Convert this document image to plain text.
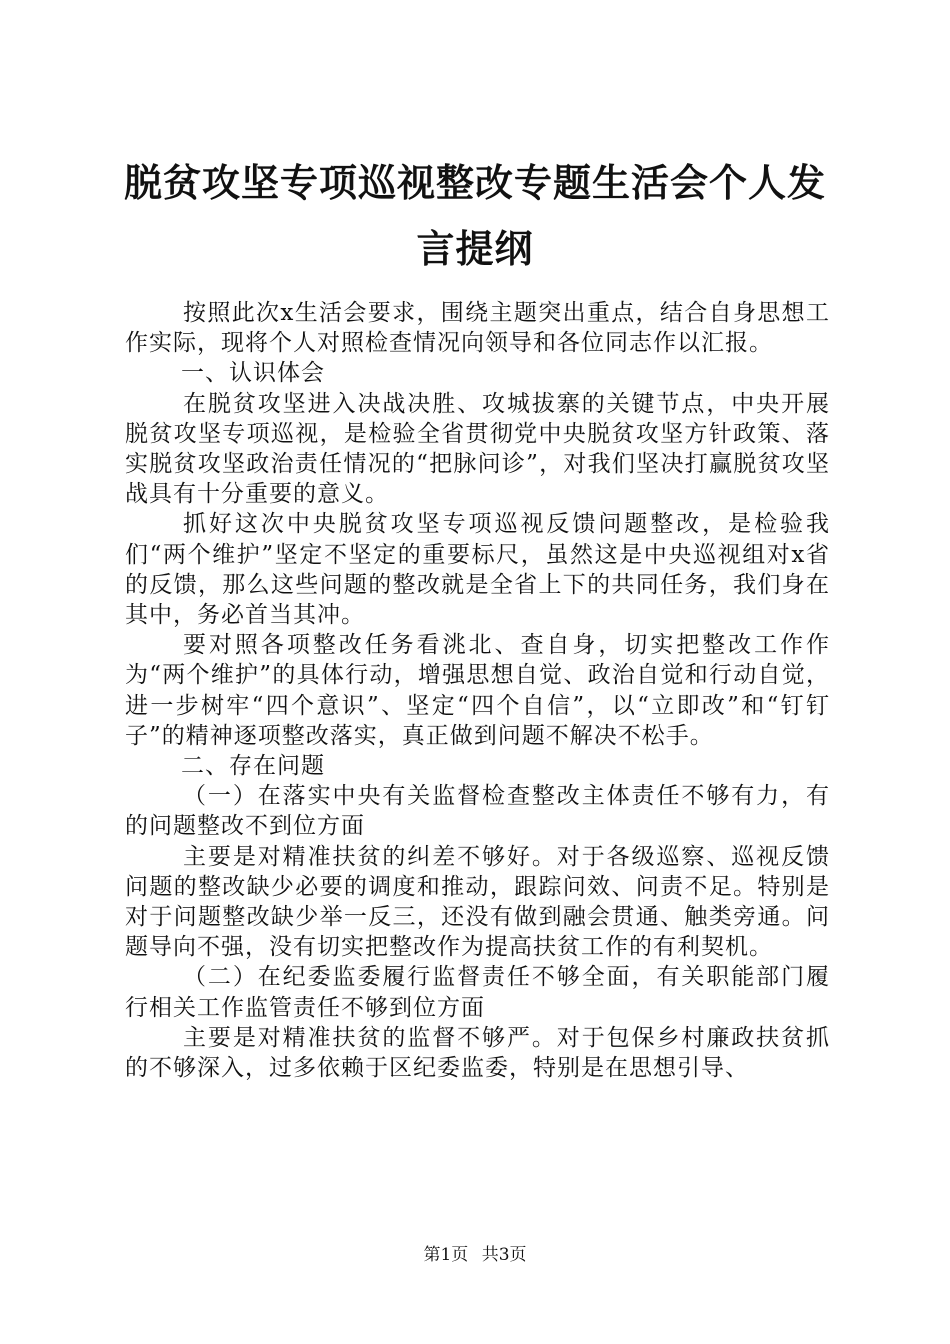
脱贫攻坚专项巡视整改专题生活会个人发言提纲

按照此次x生活会要求，围绕主题突出重点，结合自身思想工作实际，现将个人对照检查情况向领导和各位同志作以汇报。

一、认识体会

在脱贫攻坚进入决战决胜、攻城拔寨的关键节点，中央开展脱贫攻坚专项巡视，是检验全省贯彻党中央脱贫攻坚方针政策、落实脱贫攻坚政治责任情况的“把脉问诊”，对我们坚决打赢脱贫攻坚战具有十分重要的意义。

抓好这次中央脱贫攻坚专项巡视反馈问题整改，是检验我们“两个维护”坚定不坚定的重要标尺，虽然这是中央巡视组对x省的反馈，那么这些问题的整改就是全省上下的共同任务，我们身在其中，务必首当其冲。

要对照各项整改任务看洮北、查自身，切实把整改工作作为“两个维护”的具体行动，增强思想自觉、政治自觉和行动自觉，进一步树牢“四个意识”、坚定“四个自信”，以“立即改”和“钉钉子”的精神逐项整改落实，真正做到问题不解决不松手。

二、存在问题

（一）在落实中央有关监督检查整改主体责任不够有力，有的问题整改不到位方面

主要是对精准扶贫的纠差不够好。对于各级巡察、巡视反馈问题的整改缺少必要的调度和推动，跟踪问效、问责不足。特别是对于问题整改缺少举一反三，还没有做到融会贯通、触类旁通。问题导向不强，没有切实把整改作为提高扶贫工作的有利契机。

（二）在纪委监委履行监督责任不够全面，有关职能部门履行相关工作监管责任不够到位方面

主要是对精准扶贫的监督不够严。对于包保乡村廉政扶贫抓的不够深入，过多依赖于区纪委监委，特别是在思想引导、

第1页 共3页
